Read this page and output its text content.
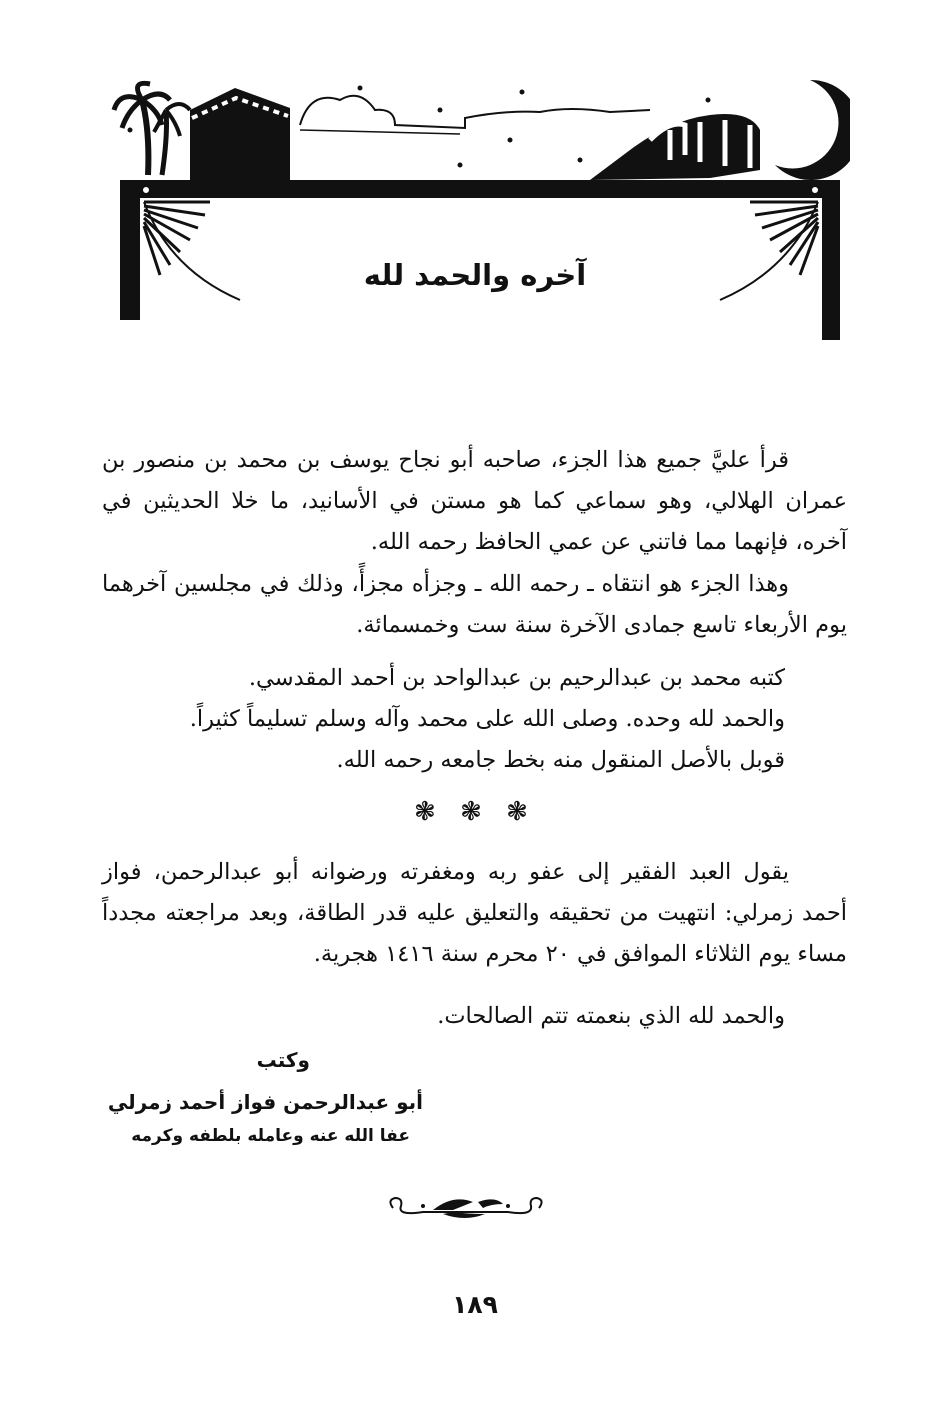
آخره والحمد لله
قرأ عليَّ جميع هذا الجزء، صاحبه أبو نجاح يوسف بن محمد بن منصور بن عمران الهلالي، وهو سماعي كما هو مستن في الأسانيد، ما خلا الحديثين في آخره، فإنهما مما فاتني عن عمي الحافظ رحمه الله.
وهذا الجزء هو انتقاه ـ رحمه الله ـ وجزأه مجزأً، وذلك في مجلسين آخرهما يوم الأربعاء تاسع جمادى الآخرة سنة ست وخمسمائة.
كتبه محمد بن عبدالرحيم بن عبدالواحد بن أحمد المقدسي.
والحمد لله وحده. وصلى الله على محمد وآله وسلم تسليماً كثيراً.
قوبل بالأصل المنقول منه بخط جامعه رحمه الله.
❃ ❃ ❃
يقول العبد الفقير إلى عفو ربه ومغفرته ورضوانه أبو عبدالرحمن، فواز أحمد زمرلي: انتهيت من تحقيقه والتعليق عليه قدر الطاقة، وبعد مراجعته مجدداً مساء يوم الثلاثاء الموافق في ٢٠ محرم سنة ١٤١٦ هجرية.
والحمد لله الذي بنعمته تتم الصالحات.
وكتب
أبو عبدالرحمن فواز أحمد زمرلي
عفا الله عنه وعامله بلطفه وكرمه
١٨٩
